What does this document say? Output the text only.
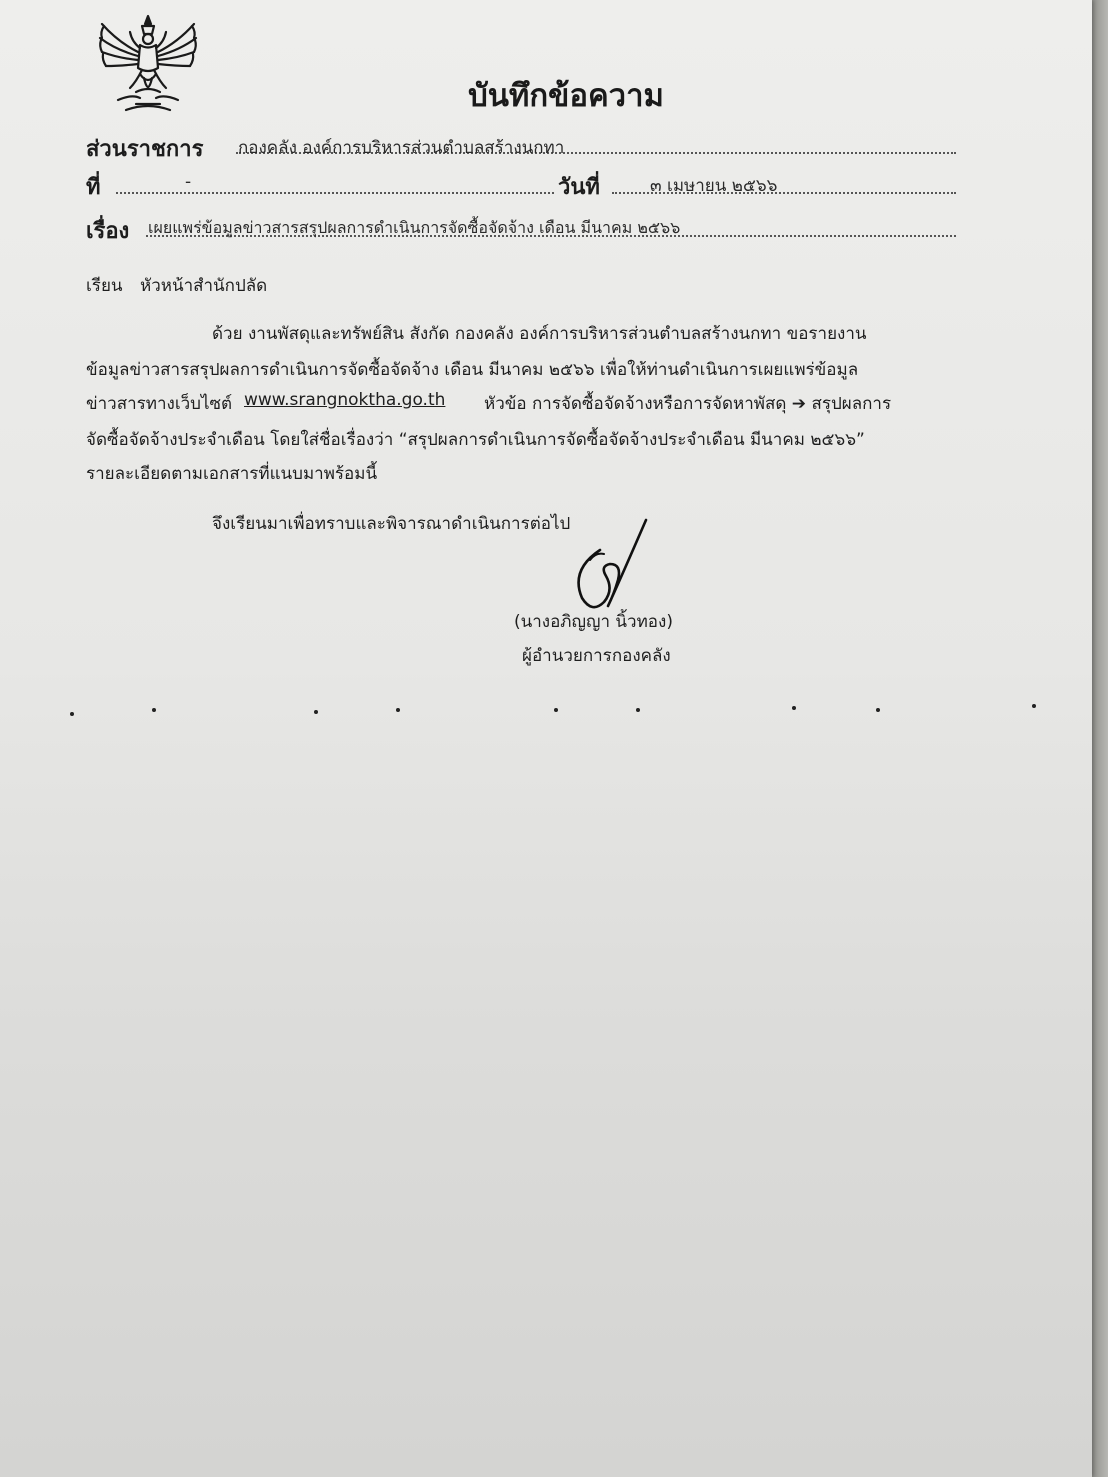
บันทึกข้อความ
ส่วนราชการ กองคลัง องค์การบริหารส่วนตำบลสร้างนกทา
ที่	-	วันที่	๓ เมษายน ๒๕๖๖
เรื่อง เผยแพร่ข้อมูลข่าวสารสรุปผลการดำเนินการจัดซื้อจัดจ้าง เดือน มีนาคม ๒๕๖๖
เรียน หัวหน้าสำนักปลัด
ด้วย งานพัสดุและทรัพย์สิน สังกัด กองคลัง องค์การบริหารส่วนตำบลสร้างนกทา ขอรายงาน
ข้อมูลข่าวสารสรุปผลการดำเนินการจัดซื้อจัดจ้าง เดือน มีนาคม ๒๕๖๖ เพื่อให้ท่านดำเนินการเผยแพร่ข้อมูล
ข่าวสารทางเว็บไซต์ www.srangnoktha.go.th หัวข้อ การจัดซื้อจัดจ้างหรือการจัดหาพัสดุ ➔ สรุปผลการ
จัดซื้อจัดจ้างประจำเดือน โดยใส่ชื่อเรื่องว่า “สรุปผลการดำเนินการจัดซื้อจัดจ้างประจำเดือน มีนาคม ๒๕๖๖”
รายละเอียดตามเอกสารที่แนบมาพร้อมนี้
จึงเรียนมาเพื่อทราบและพิจารณาดำเนินการต่อไป
(นางอภิญญา นิ้วทอง)
ผู้อำนวยการกองคลัง
